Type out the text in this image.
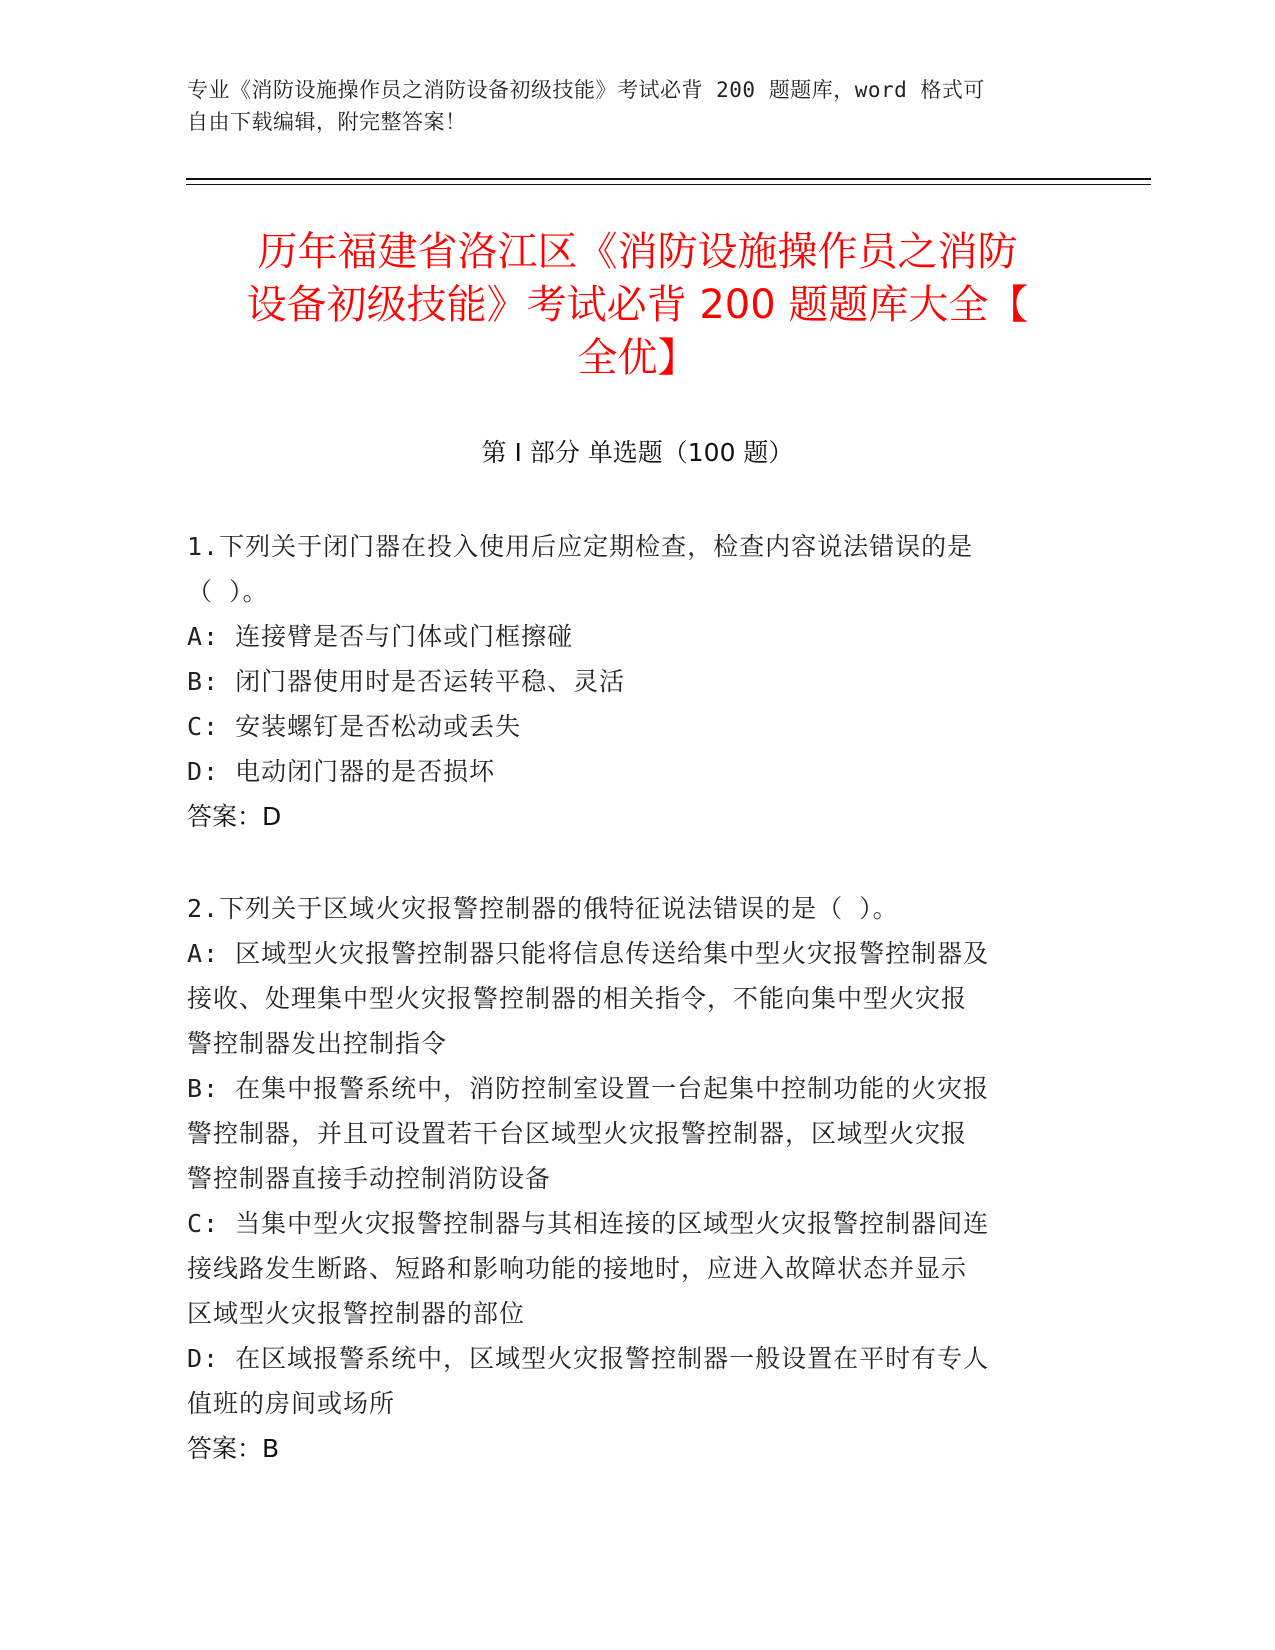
专业《消防设施操作员之消防设备初级技能》考试必背 200 题题库，word 格式可
自由下载编辑，附完整答案！
历年福建省洛江区《消防设施操作员之消防
设备初级技能》考试必背 200 题题库大全【
全优】
第 I 部分 单选题（100 题）
1.下列关于闭门器在投入使用后应定期检查，检查内容说法错误的是
（ ）。
A: 连接臂是否与门体或门框擦碰
B: 闭门器使用时是否运转平稳、灵活
C: 安装螺钉是否松动或丢失
D: 电动闭门器的是否损坏
答案：D
2.下列关于区域火灾报警控制器的俄特征说法错误的是（ ）。
A: 区域型火灾报警控制器只能将信息传送给集中型火灾报警控制器及
接收、处理集中型火灾报警控制器的相关指令，不能向集中型火灾报
警控制器发出控制指令
B: 在集中报警系统中，消防控制室设置一台起集中控制功能的火灾报
警控制器，并且可设置若干台区域型火灾报警控制器，区域型火灾报
警控制器直接手动控制消防设备
C: 当集中型火灾报警控制器与其相连接的区域型火灾报警控制器间连
接线路发生断路、短路和影响功能的接地时，应进入故障状态并显示
区域型火灾报警控制器的部位
D: 在区域报警系统中，区域型火灾报警控制器一般设置在平时有专人
值班的房间或场所
答案：B
